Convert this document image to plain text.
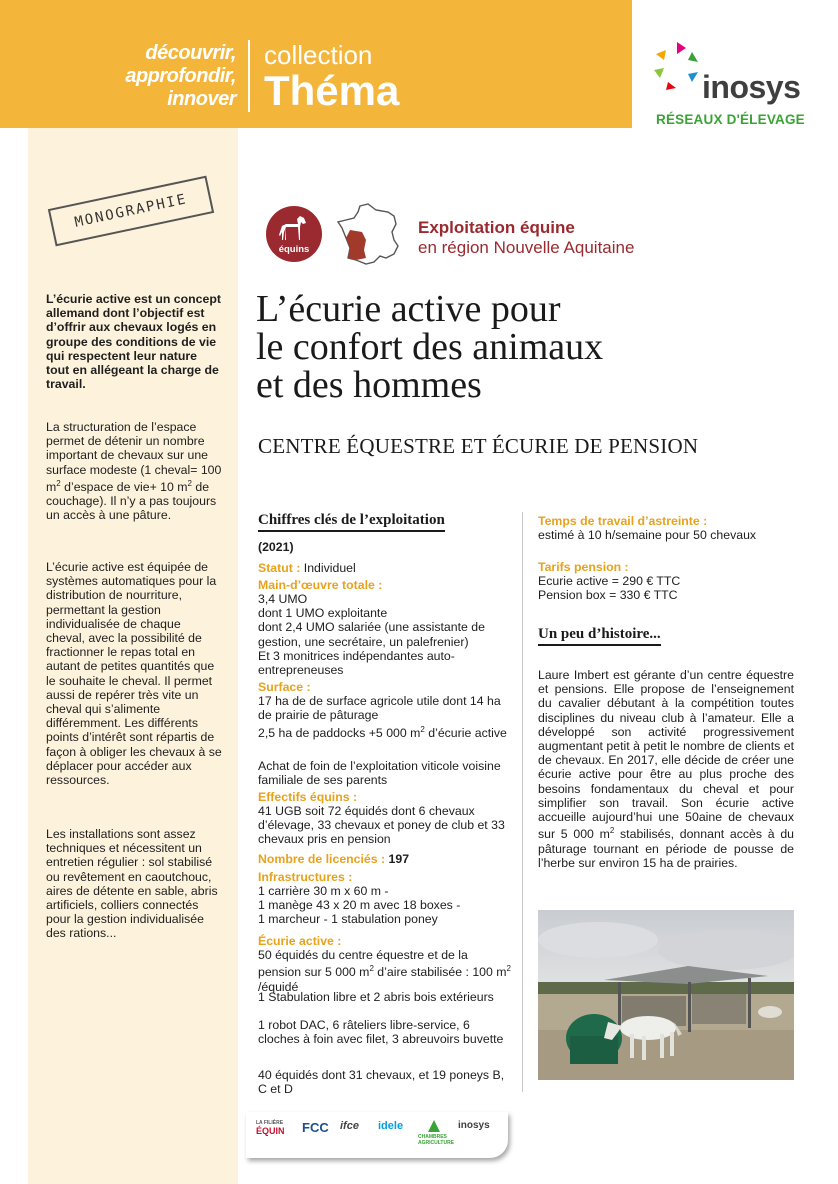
découvrir,
approfondir,
innover
collection
Théma	inosys
RÉSEAUX D'ÉLEVAGE
MONOGRAPHIE
L’écurie active est un concept allemand dont l’objectif est d’offrir aux chevaux logés en groupe des conditions de vie qui respectent leur nature tout en allégeant la charge de travail.
La structuration de l’espace permet de détenir un nombre important de chevaux sur une surface modeste (1 cheval= 100 $m^2$ d’espace de vie+ 10 $m^2$ de couchage). Il n’y a pas toujours un accès à une pâture.
L’écurie active est équipée de systèmes automatiques pour la distribution de nourriture, permettant la gestion individualisée de chaque cheval, avec la possibilité de fractionner le repas total en autant de petites quantités que le souhaite le cheval. Il permet aussi de repérer très vite un cheval qui s’alimente différemment. Les différents points d’intérêt sont répartis de façon à obliger les chevaux à se déplacer pour accéder aux ressources.
Les installations sont assez techniques et nécessitent un entretien régulier : sol stabilisé ou revêtement en caoutchouc, aires de détente en sable, abris artificiels, colliers connectés pour la gestion individualisée des rations...
équins
Exploitation équine
en région Nouvelle Aquitaine
L’écurie active pour
le confort des animaux
et des hommes
CENTRE ÉQUESTRE ET ÉCURIE DE PENSION
Chiffres clés de l’exploitation
(2021)
Statut : Individuel
Main-d’œuvre totale :
3,4 UMO
dont 1 UMO exploitante
dont 2,4 UMO salariée (une assistante de gestion, une secrétaire, un palefrenier)
Et 3 monitrices indépendantes auto-entrepreneuses
Surface :
17 ha de de surface agricole utile dont 14 ha de prairie de pâturage
2,5 ha de paddocks +5 000 $m^2$ d’écurie active
Achat de foin de l’exploitation viticole voisine familiale de ses parents
Effectifs équins :
41 UGB soit 72 équidés dont 6 chevaux d’élevage, 33 chevaux et poney de club et 33 chevaux pris en pension
Nombre de licenciés : 197
Infrastructures :
1 carrière 30 m x 60 m -
1 manège 43 x 20 m avec 18 boxes -
1 marcheur - 1 stabulation poney
Écurie active :
50 équidés du centre équestre et de la pension sur 5 000 $m^2$ d’aire stabilisée : 100 $m^2$ /équidé
1 Stabulation libre et 2 abris bois extérieurs
1 robot DAC, 6 râteliers libre-service, 6 cloches à foin avec filet, 3 abreuvoirs buvette
40 équidés dont 31 chevaux, et 19 poneys B, C et D
Temps de travail d’astreinte :
estimé à 10 h/semaine pour 50 chevaux
Tarifs pension :
Ecurie active = 290 € TTC
Pension box = 330 € TTC
Un peu d’histoire...
Laure Imbert est gérante d’un centre équestre et pensions. Elle propose de l’enseignement du cavalier débutant à la compétition toutes disciplines du niveau club à l’amateur. Elle a développé son activité progressivement augmentant petit à petit le nombre de clients et de chevaux. En 2017, elle décide de créer une écurie active pour être au plus proche des besoins fondamentaux du cheval et pour simplifier son travail. Son écurie active accueille aujourd’hui une 50aine de chevaux sur 5 000 $m^2$ stabilisés, donnant accès à du pâturage tournant en période de pousse de l’herbe sur environ 15 ha de prairies.
LA FILIÈRE
ÉQUIN FCC ifce idele
CHAMBRES AGRICULTURE
inosys
